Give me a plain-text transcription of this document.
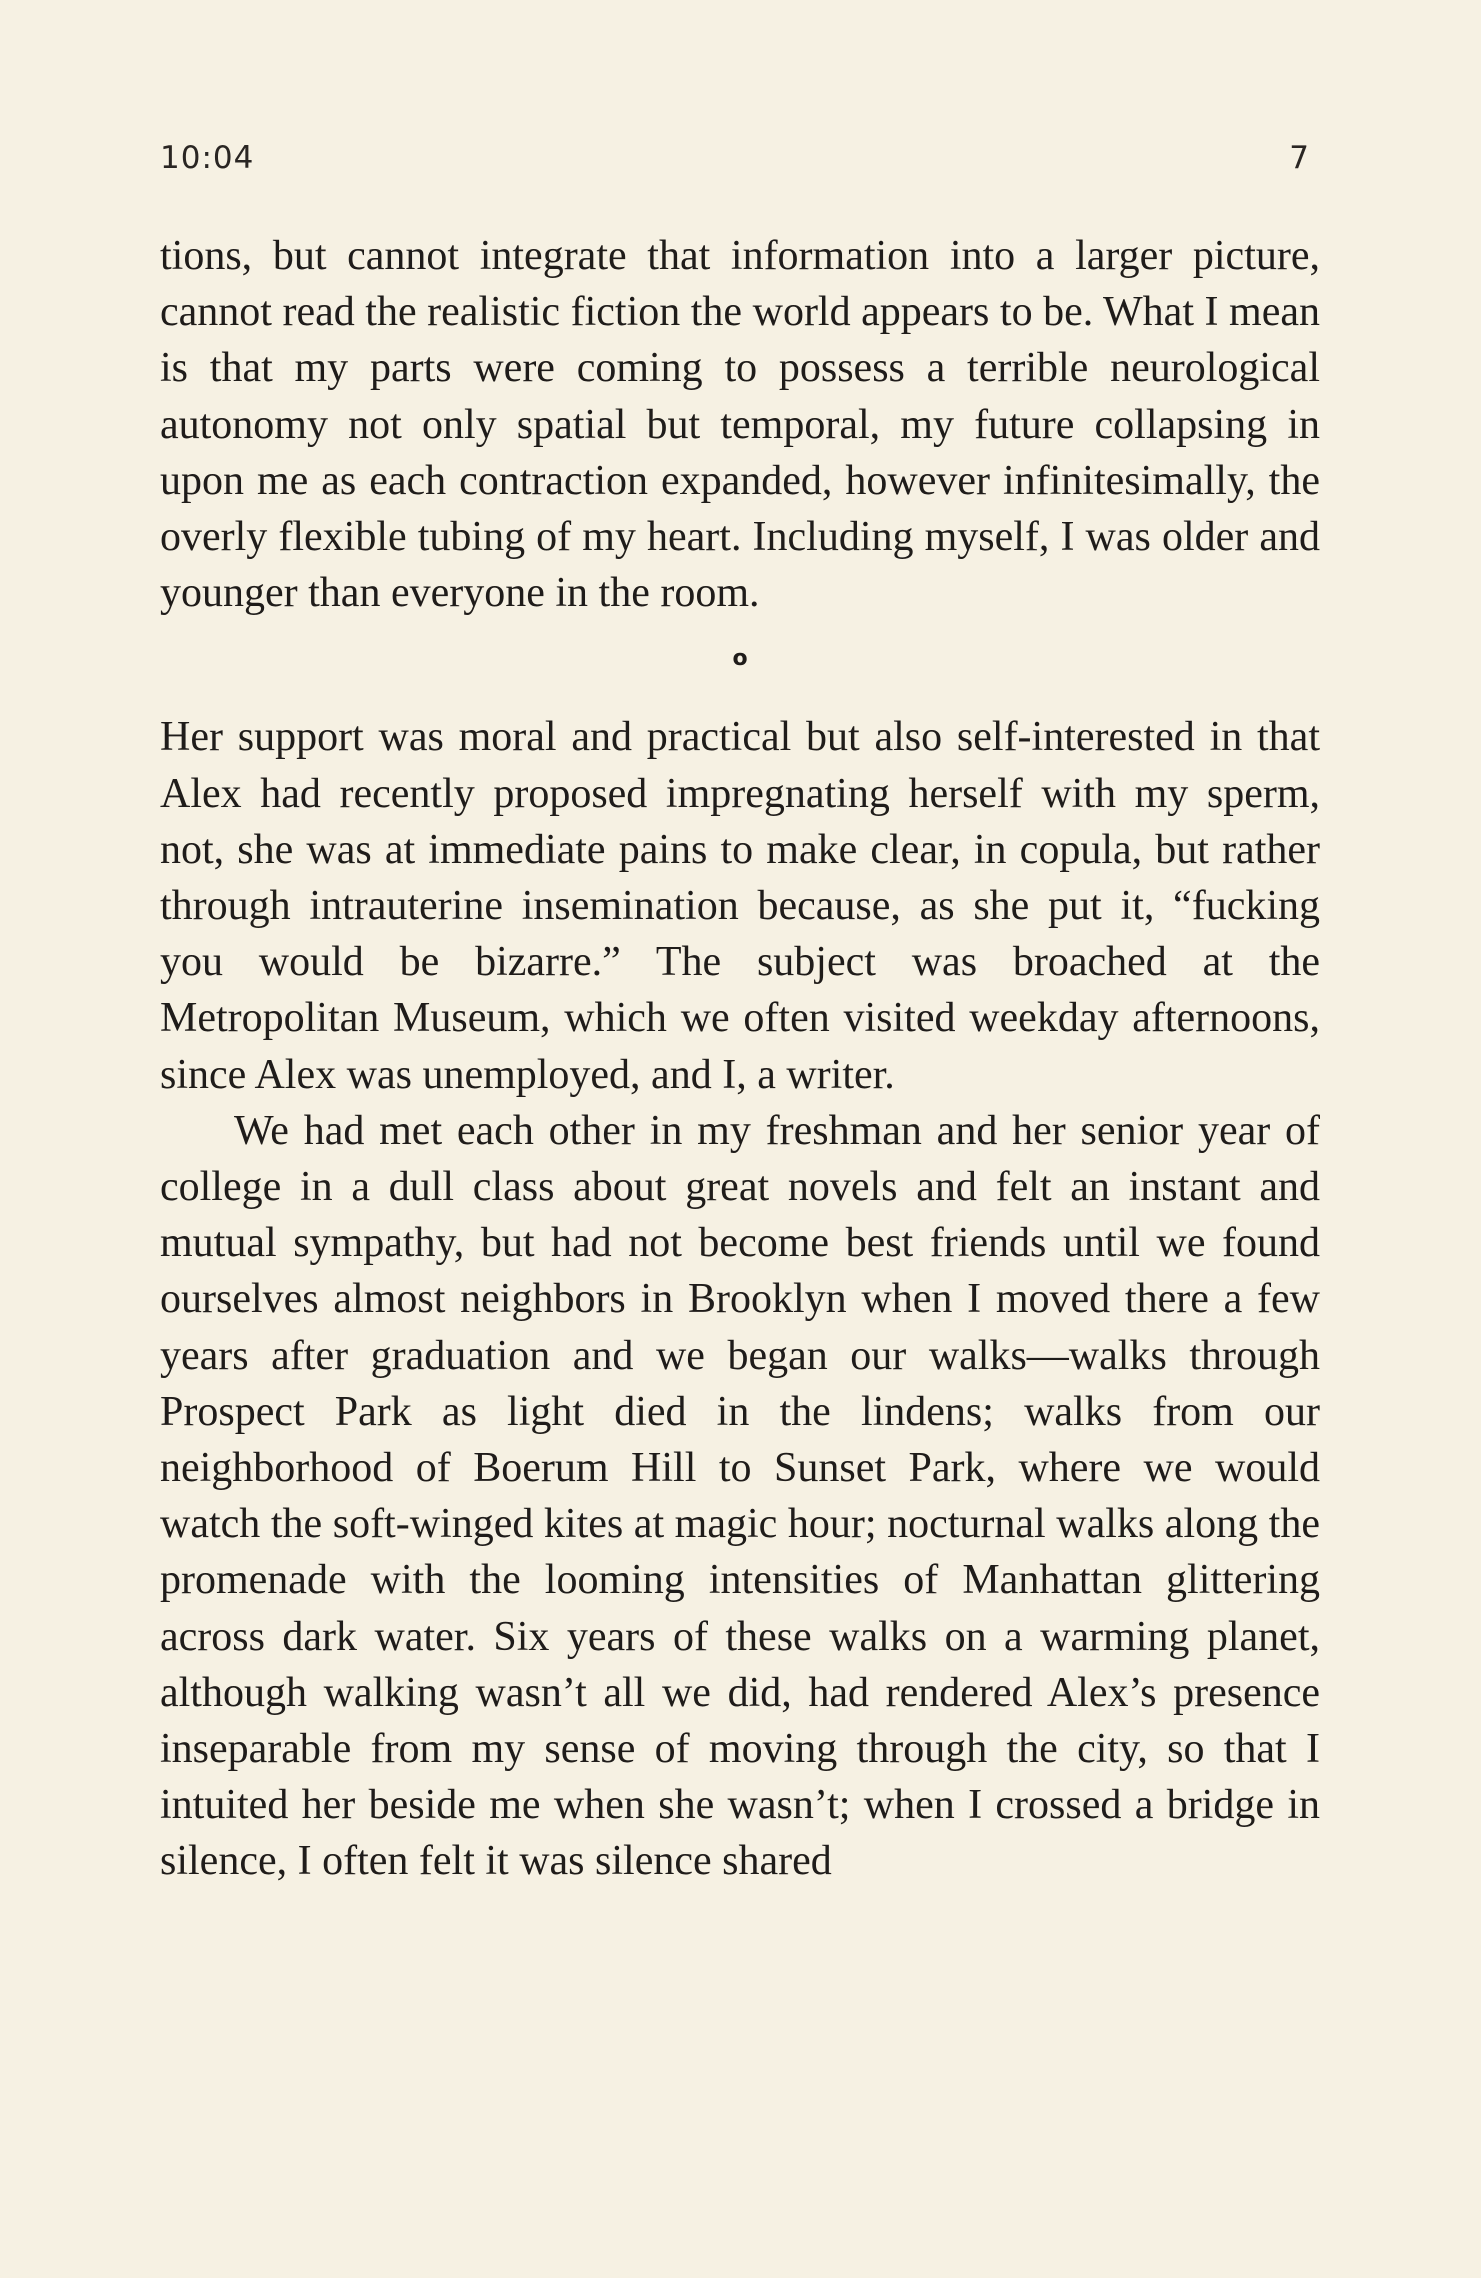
10:04	7

tions, but cannot integrate that information into a larger picture, cannot read the realistic fiction the world appears to be. What I mean is that my parts were coming to possess a terrible neurological autonomy not only spatial but temporal, my future collapsing in upon me as each contraction expanded, however infinitesimally, the overly flexible tubing of my heart. Including myself, I was older and younger than everyone in the room.

o

Her support was moral and practical but also self-interested in that Alex had recently proposed impregnating herself with my sperm, not, she was at immediate pains to make clear, in copula, but rather through intrauterine insemination because, as she put it, “fucking you would be bizarre.” The subject was broached at the Metropolitan Museum, which we often visited weekday afternoons, since Alex was unemployed, and I, a writer.

We had met each other in my freshman and her senior year of college in a dull class about great novels and felt an instant and mutual sympathy, but had not become best friends until we found ourselves almost neighbors in Brooklyn when I moved there a few years after graduation and we began our walks—walks through Prospect Park as light died in the lindens; walks from our neighborhood of Boerum Hill to Sunset Park, where we would watch the soft-winged kites at magic hour; nocturnal walks along the promenade with the looming intensities of Manhattan glittering across dark water. Six years of these walks on a warming planet, although walking wasn’t all we did, had rendered Alex’s presence inseparable from my sense of moving through the city, so that I intuited her beside me when she wasn’t; when I crossed a bridge in silence, I often felt it was silence shared
